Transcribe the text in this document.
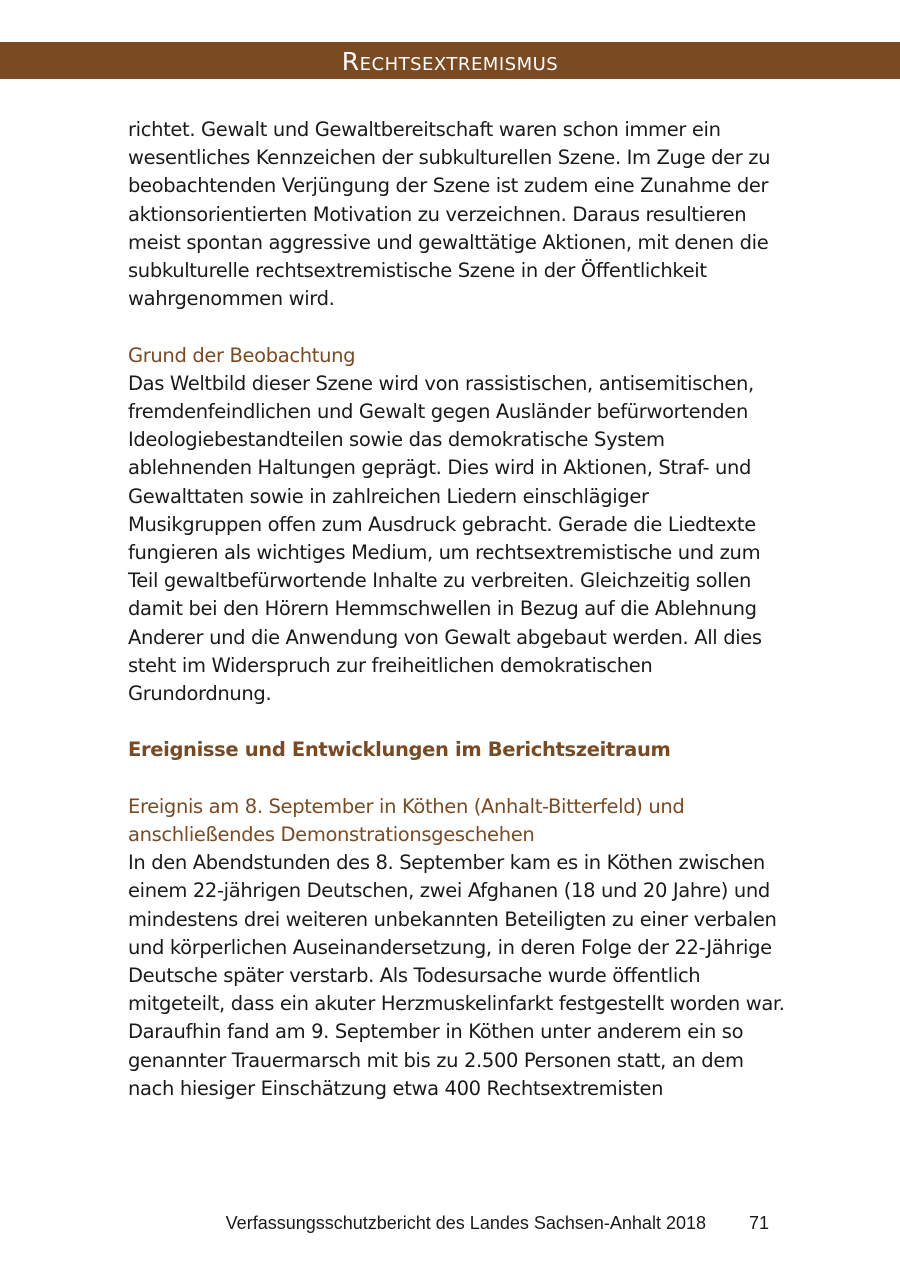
Rechtsextremismus

richtet. Gewalt und Gewaltbereitschaft waren schon immer ein wesentliches Kennzeichen der subkulturellen Szene. Im Zuge der zu beobachtenden Verjüngung der Szene ist zudem eine Zunahme der aktionsorientierten Motivation zu verzeichnen. Daraus resultieren meist spontan aggressive und gewalttätige Aktionen, mit denen die subkulturelle rechtsextremistische Szene in der Öffentlichkeit wahrgenommen wird.

Grund der Beobachtung

Das Weltbild dieser Szene wird von rassistischen, antisemitischen, fremdenfeindlichen und Gewalt gegen Ausländer befürwortenden Ideologiebestandteilen sowie das demokratische System ablehnenden Haltungen geprägt. Dies wird in Aktionen, Straf- und Gewalttaten sowie in zahlreichen Liedern einschlägiger Musikgruppen offen zum Ausdruck gebracht. Gerade die Liedtexte fungieren als wichtiges Medium, um rechtsextremistische und zum Teil gewaltbefürwortende Inhalte zu verbreiten. Gleichzeitig sollen damit bei den Hörern Hemmschwellen in Bezug auf die Ablehnung Anderer und die Anwendung von Gewalt abgebaut werden. All dies steht im Widerspruch zur freiheitlichen demokratischen Grundordnung.

Ereignisse und Entwicklungen im Berichtszeitraum

Ereignis am 8. September in Köthen (Anhalt-Bitterfeld) und anschließendes Demonstrationsgeschehen

In den Abendstunden des 8. September kam es in Köthen zwischen einem 22-jährigen Deutschen, zwei Afghanen (18 und 20 Jahre) und mindestens drei weiteren unbekannten Beteiligten zu einer verbalen und körperlichen Auseinandersetzung, in deren Folge der 22-Jährige Deutsche später verstarb. Als Todesursache wurde öffentlich mitgeteilt, dass ein akuter Herzmuskelinfarkt festgestellt worden war.

Daraufhin fand am 9. September in Köthen unter anderem ein so genannter Trauermarsch mit bis zu 2.500 Personen statt, an dem nach hiesiger Einschätzung etwa 400 Rechtsextremisten

Verfassungsschutzbericht des Landes Sachsen-Anhalt 2018 71
